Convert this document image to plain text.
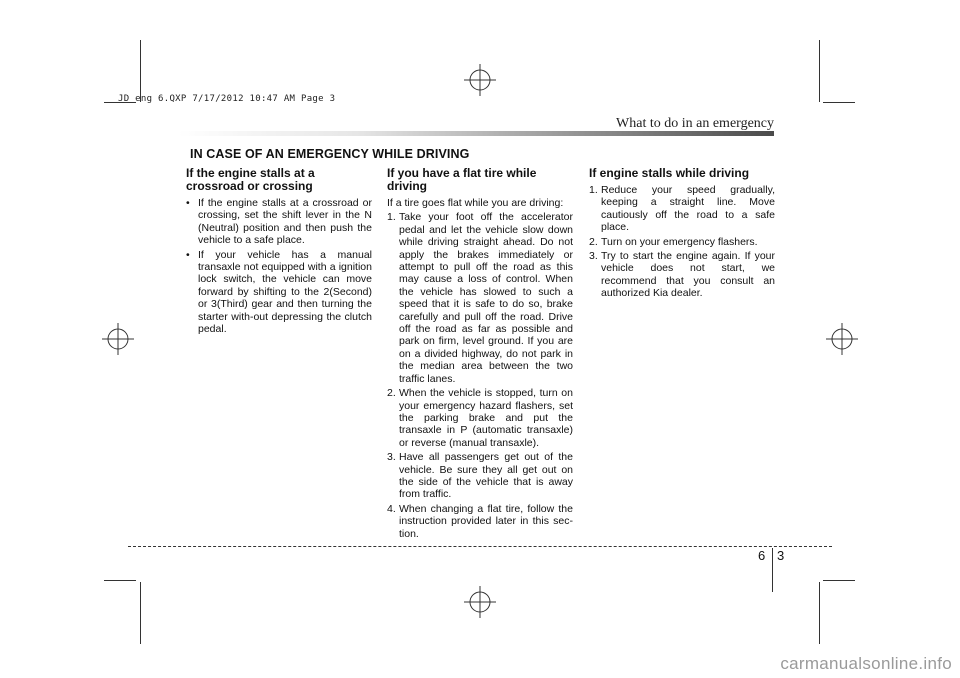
JD eng 6.QXP 7/17/2012 10:47 AM Page 3
What to do in an emergency
IN CASE OF AN EMERGENCY WHILE DRIVING
If the engine stalls at a crossroad or crossing
• If the engine stalls at a crossroad or crossing, set the shift lever in the N (Neutral) position and then push the vehicle to a safe place.
• If your vehicle has a manual transaxle not equipped with a ignition lock switch, the vehicle can move forward by shifting to the 2(Second) or 3(Third) gear and then turning the starter with-out depressing the clutch pedal.
If you have a flat tire while driving

If a tire goes flat while you are driving:

1. Take your foot off the accelerator pedal and let the vehicle slow down while driving straight ahead. Do not apply the brakes immediately or attempt to pull off the road as this may cause a loss of control. When the vehicle has slowed to such a speed that it is safe to do so, brake carefully and pull off the road. Drive off the road as far as possible and park on firm, level ground. If you are on a divided highway, do not park in the median area between the two traffic lanes.
2. When the vehicle is stopped, turn on your emergency hazard flashers, set the parking brake and put the transaxle in P (automatic transaxle) or reverse (manual transaxle).
3. Have all passengers get out of the vehicle. Be sure they all get out on the side of the vehicle that is away from traffic.
4. When changing a flat tire, follow the instruction provided later in this sec-tion.
If engine stalls while driving
1. Reduce your speed gradually, keeping a straight line. Move cautiously off the road to a safe place.
2. Turn on your emergency flashers.
3. Try to start the engine again. If your vehicle does not start, we recommend that you consult an authorized Kia dealer.
6 3
carmanualsonline.info
